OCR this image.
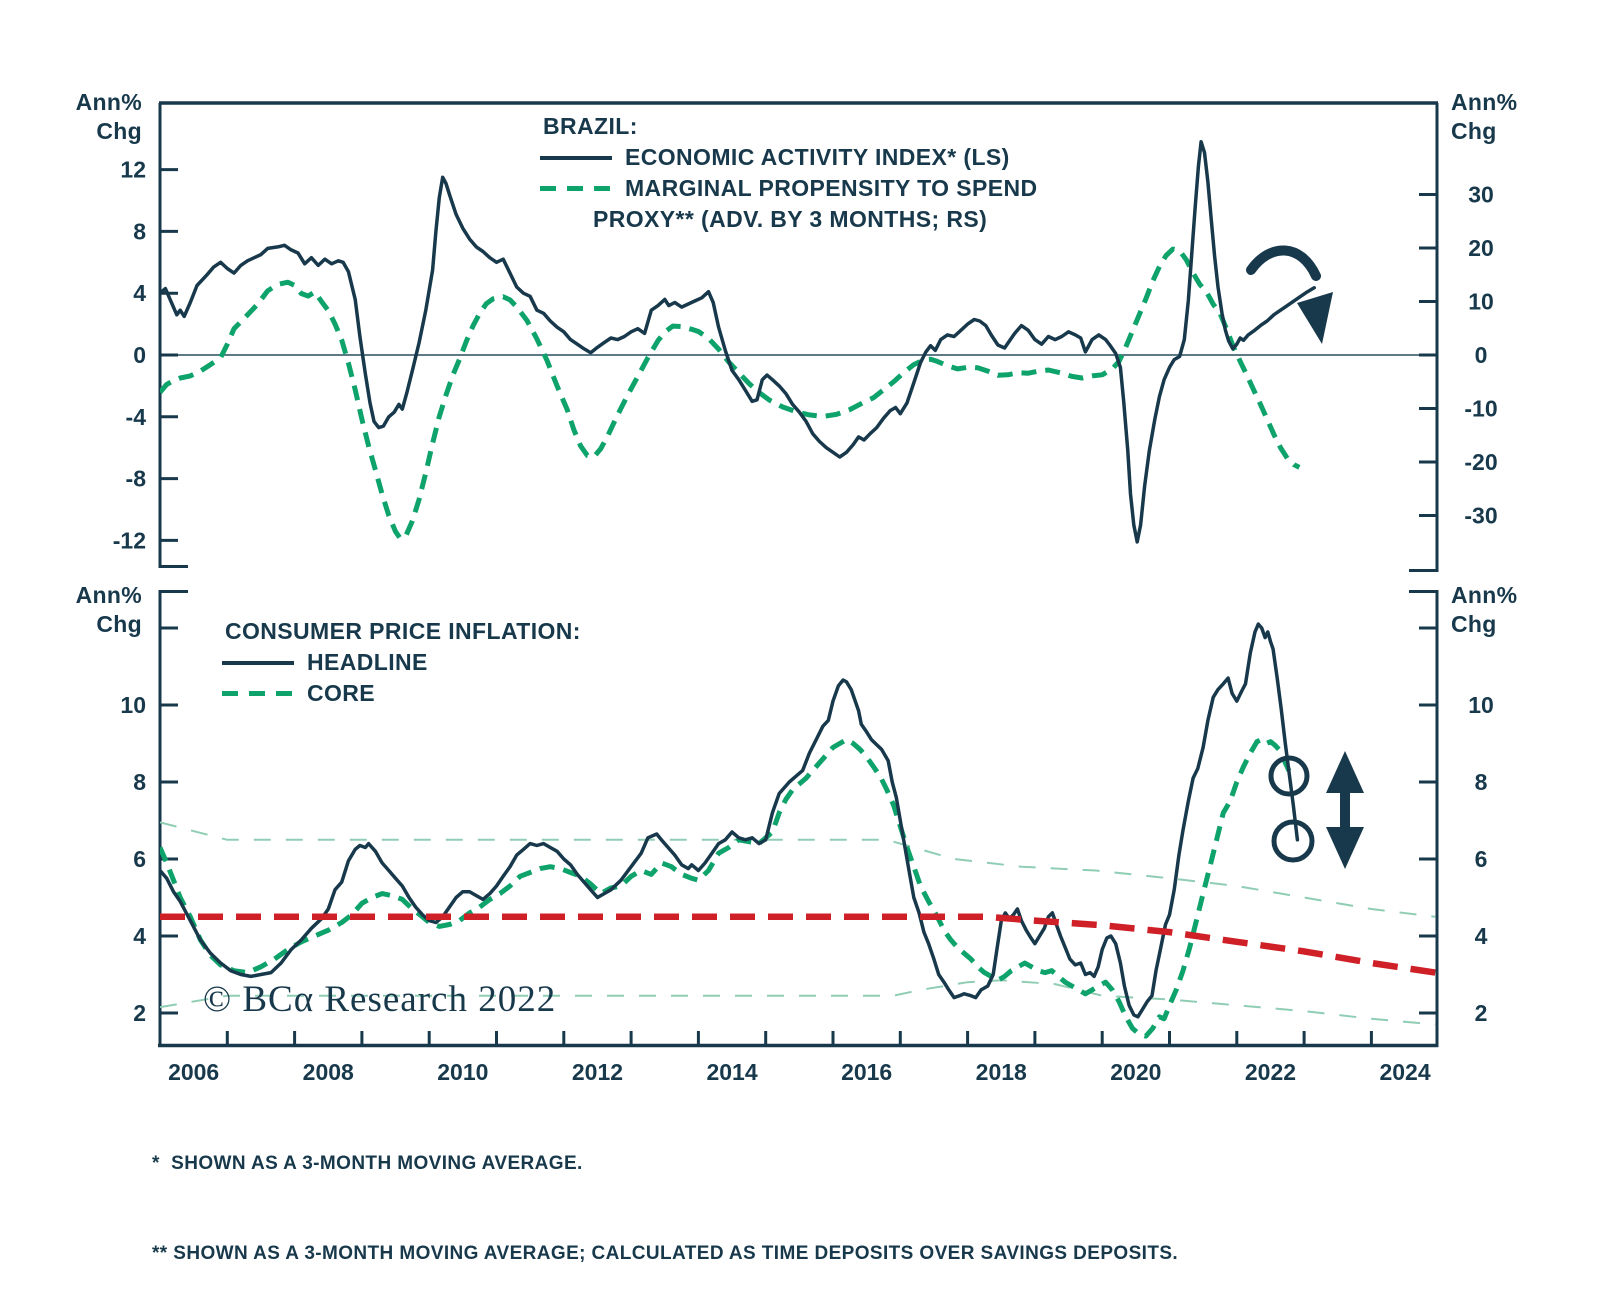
12
8
4
0
-4
-8
-12
30
20
10
0
-10
-20
-30
10	10
8	8
6	6
4	4
2	2
2006	2008	2010	2012	2014	2016	2018	2020	2022	2024
Ann%
Chg
Ann%
Chg
Ann%
Chg
Ann%
Chg
BRAZIL:
ECONOMIC ACTIVITY INDEX* (LS)
MARGINAL PROPENSITY TO SPEND
PROXY** (ADV. BY 3 MONTHS; RS)
CONSUMER PRICE INFLATION:
HEADLINE
CORE
© BCα Research 2022

*  SHOWN AS A 3-MONTH MOVING AVERAGE.

** SHOWN AS A 3-MONTH MOVING AVERAGE; CALCULATED AS TIME DEPOSITS OVER SAVINGS DEPOSITS.
